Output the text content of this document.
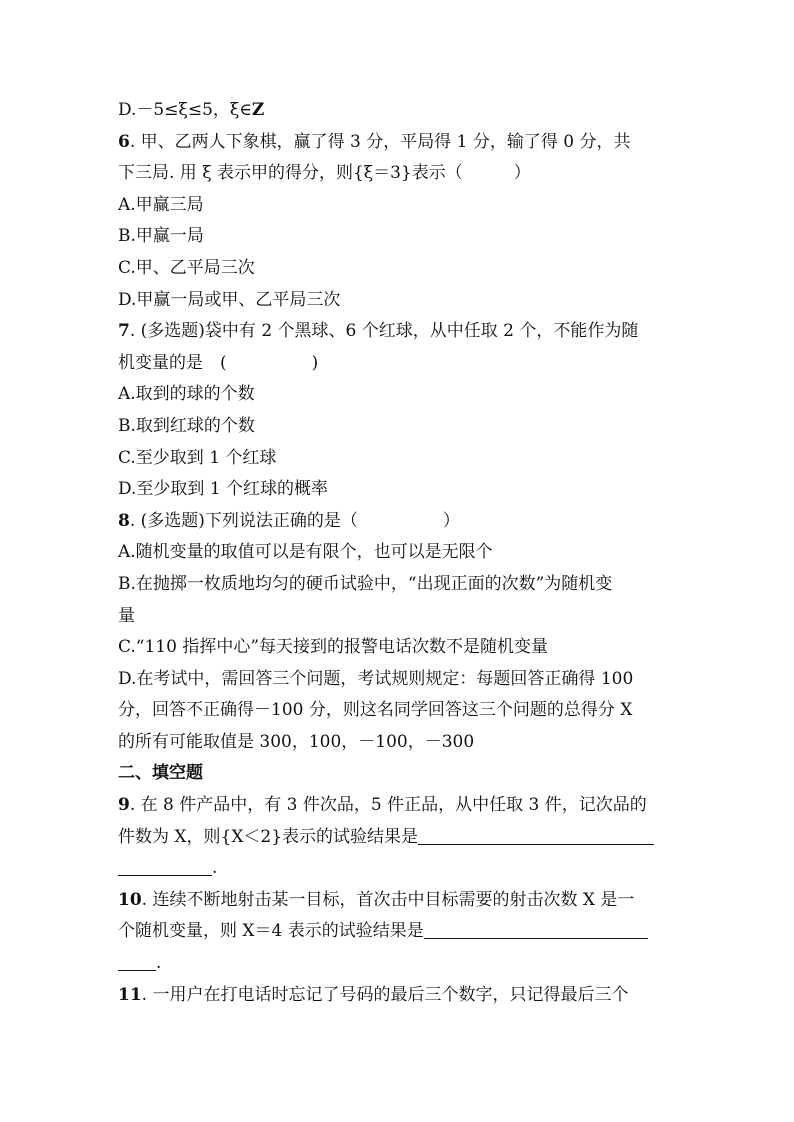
D.－5≤ξ≤5，ξ∈Z
6. 甲、乙两人下象棋，赢了得 3 分，平局得 1 分，输了得 0 分，共
下三局. 用 ξ 表示甲的得分，则{ξ＝3}表示（　　　）
A.甲赢三局
B.甲赢一局
C.甲、乙平局三次
D.甲赢一局或甲、乙平局三次
7. (多选题)袋中有 2 个黑球、6 个红球，从中任取 2 个，不能作为随
机变量的是　(　　　　　)
A.取到的球的个数
B.取到红球的个数
C.至少取到 1 个红球
D.至少取到 1 个红球的概率
8. (多选题)下列说法正确的是（　　　　　）
A.随机变量的取值可以是有限个，也可以是无限个
B.在抛掷一枚质地均匀的硬币试验中，“出现正面的次数”为随机变
量
C.“110 指挥中心”每天接到的报警电话次数不是随机变量
D.在考试中，需回答三个问题，考试规则规定：每题回答正确得 100
分，回答不正确得－100 分，则这名同学回答这三个问题的总得分 X
的所有可能取值是 300，100，－100，－300
二、填空题
9. 在 8 件产品中，有 3 件次品，5 件正品，从中任取 3 件，记次品的
件数为 X，则{X＜2}表示的试验结果是
.
10. 连续不断地射击某一目标，首次击中目标需要的射击次数 X 是一
个随机变量，则 X＝4 表示的试验结果是
.
11. 一用户在打电话时忘记了号码的最后三个数字，只记得最后三个
